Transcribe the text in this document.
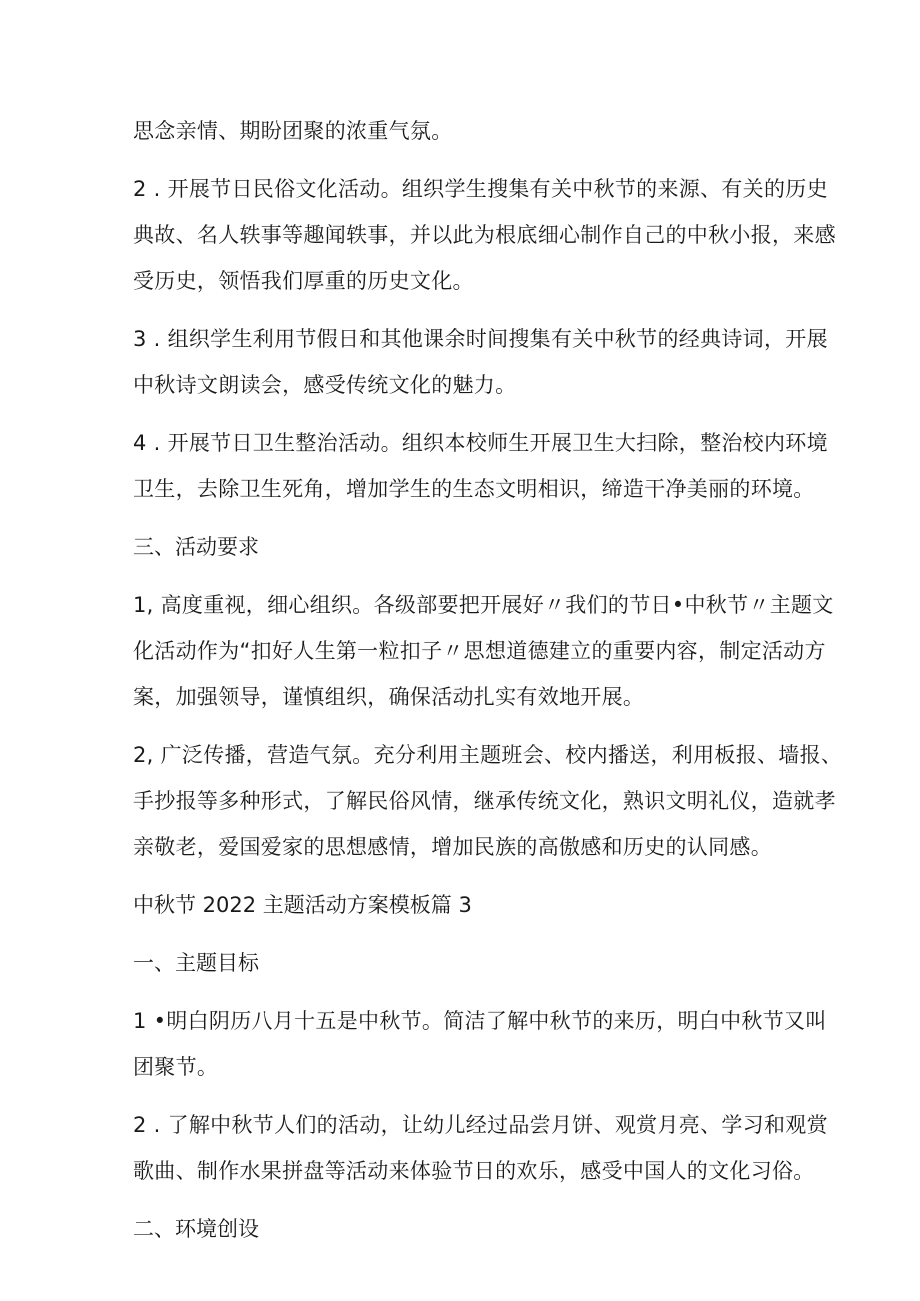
思念亲情、期盼团聚的浓重气氛。
2 . 开展节日民俗文化活动。组织学生搜集有关中秋节的来源、有关的历史
典故、名人轶事等趣闻轶事，并以此为根底细心制作自己的中秋小报，来感
受历史，领悟我们厚重的历史文化。
3 . 组织学生利用节假日和其他课余时间搜集有关中秋节的经典诗词，开展
中秋诗文朗读会，感受传统文化的魅力。
4 . 开展节日卫生整治活动。组织本校师生开展卫生大扫除，整治校内环境
卫生，去除卫生死角，增加学生的生态文明相识，缔造干净美丽的环境。
三、活动要求
1, 高度重视，细心组织。各级部要把开展好〃我们的节日•中秋节〃主题文
化活动作为“扣好人生第一粒扣子〃思想道德建立的重要内容，制定活动方
案，加强领导，谨慎组织，确保活动扎实有效地开展。
2, 广泛传播，营造气氛。充分利用主题班会、校内播送，利用板报、墙报、
手抄报等多种形式，了解民俗风情，继承传统文化，熟识文明礼仪，造就孝
亲敬老，爱国爱家的思想感情，增加民族的高傲感和历史的认同感。
中秋节 2022 主题活动方案模板篇 3
一、主题目标
1 •明白阴历八月十五是中秋节。简洁了解中秋节的来历，明白中秋节又叫
团聚节。
2 . 了解中秋节人们的活动，让幼儿经过品尝月饼、观赏月亮、学习和观赏
歌曲、制作水果拼盘等活动来体验节日的欢乐，感受中国人的文化习俗。
二、环境创设
